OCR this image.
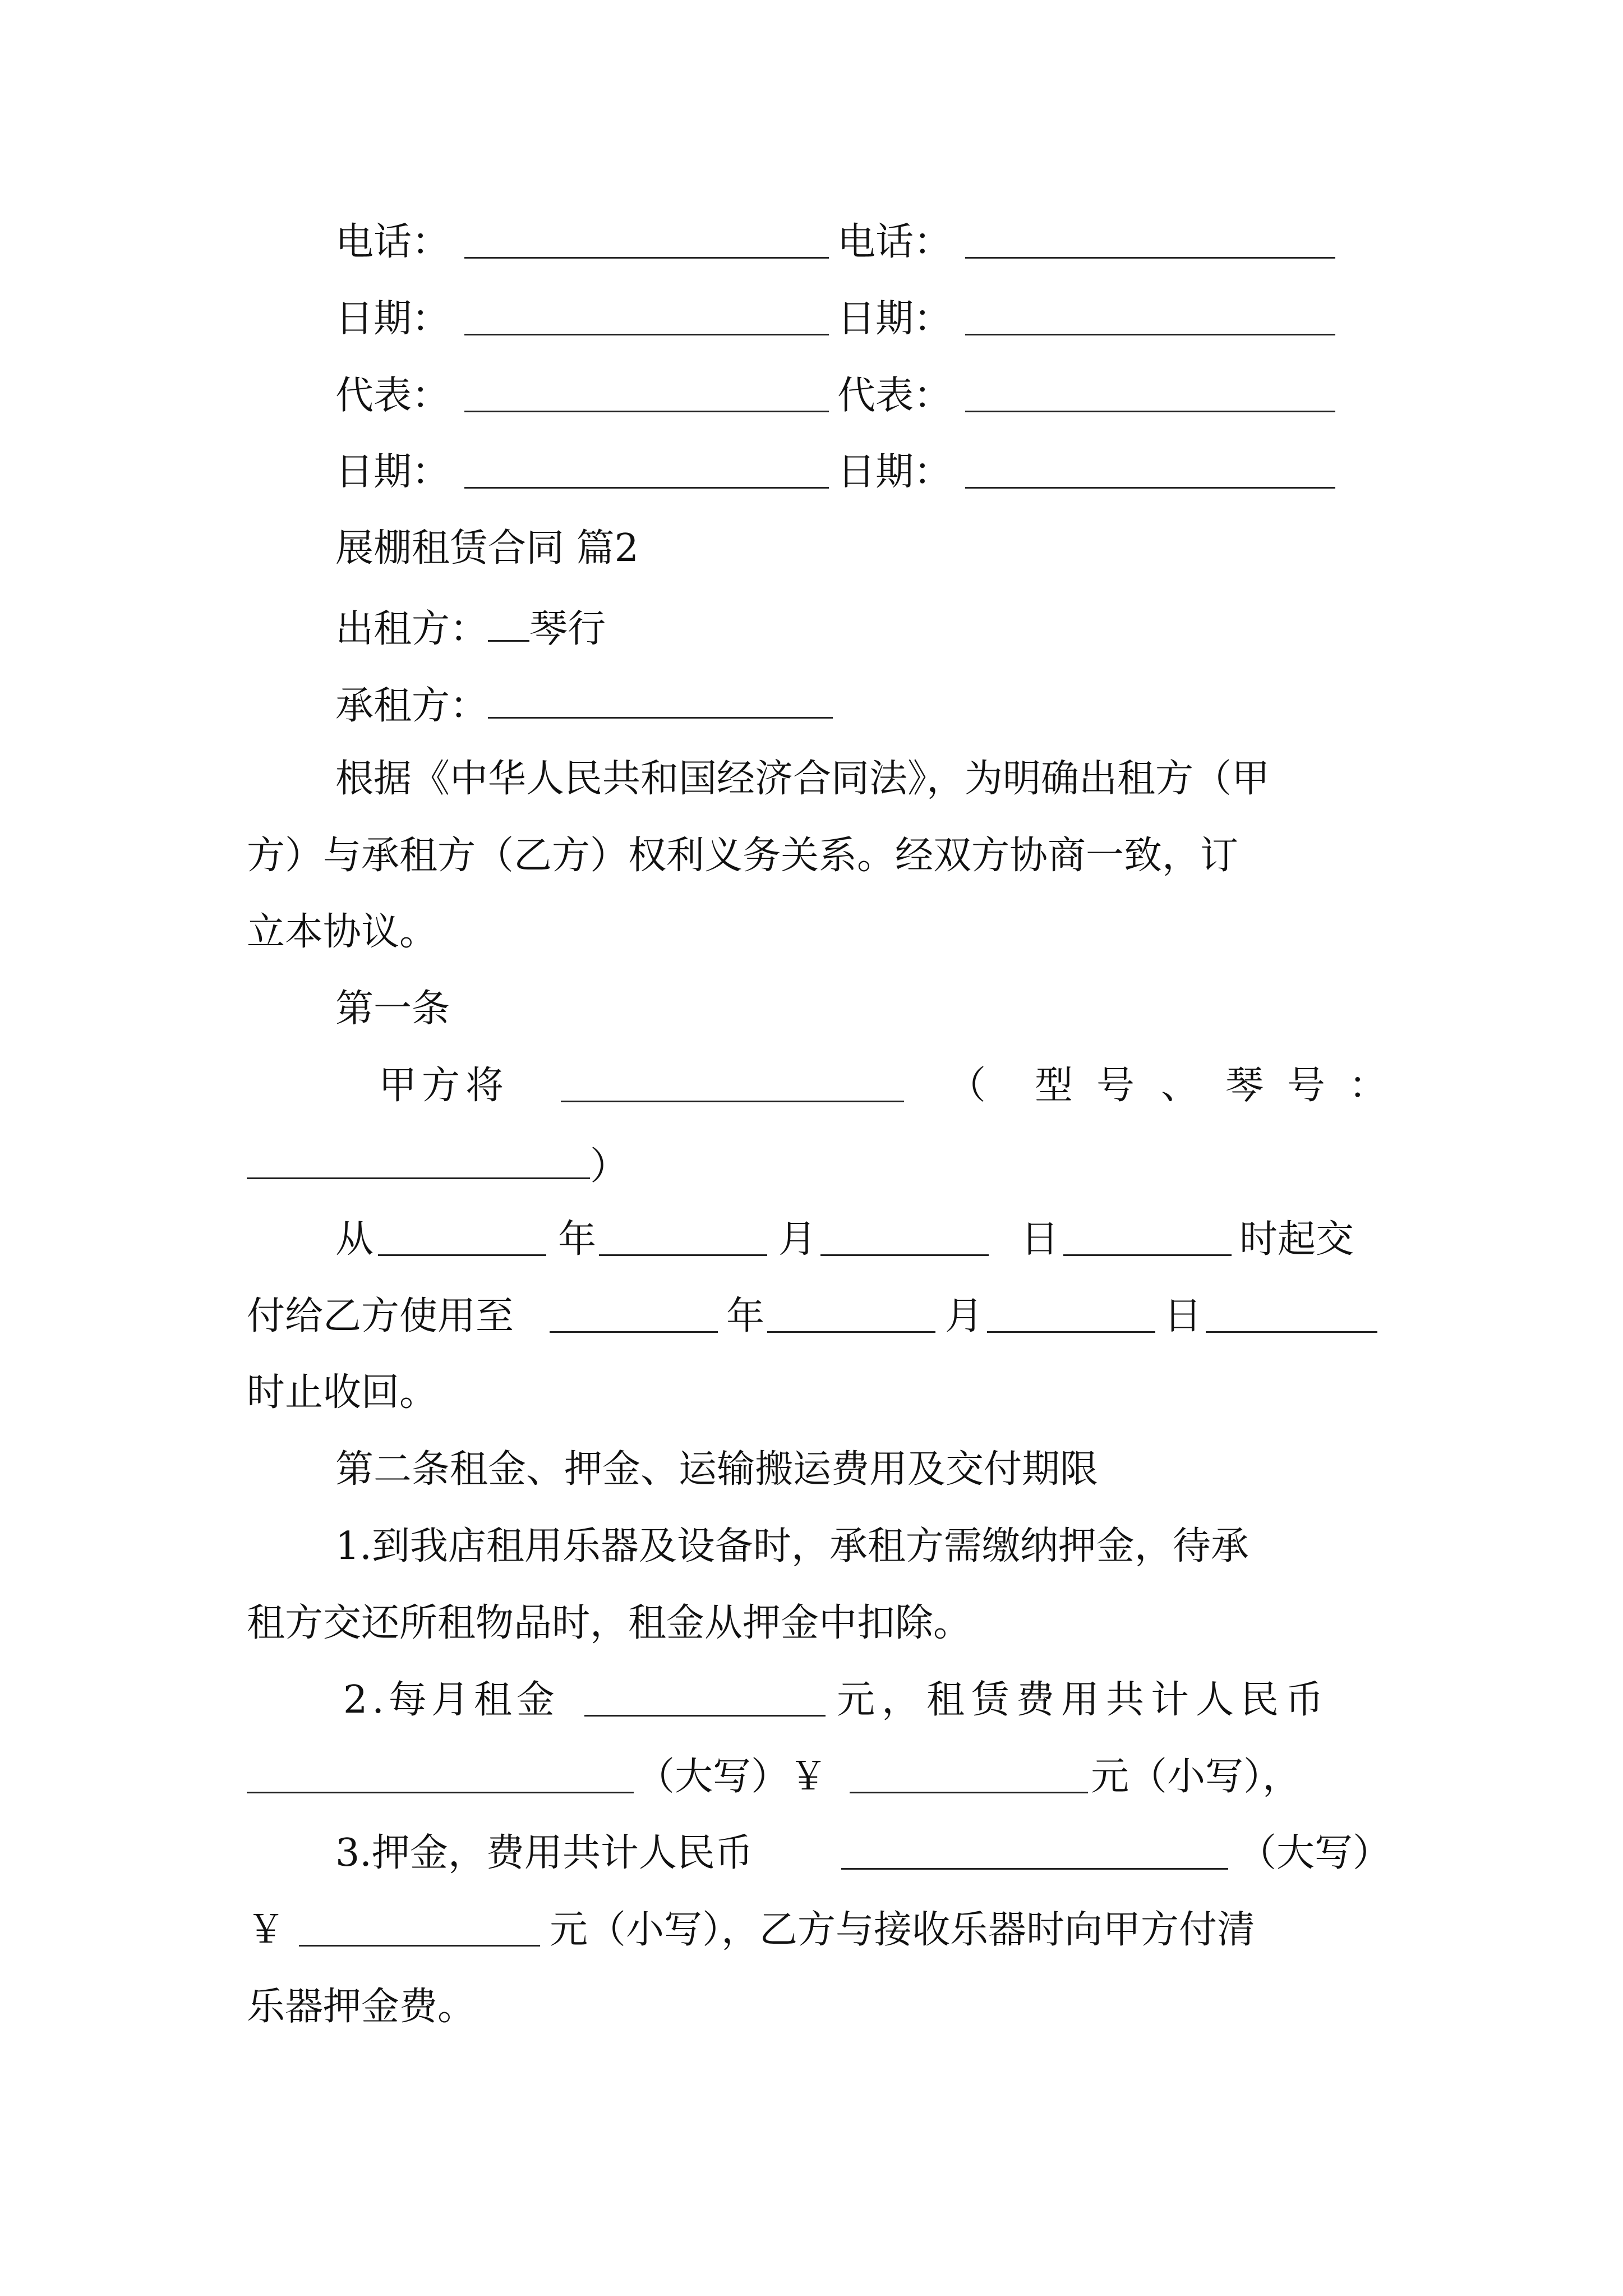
电话：	电话：
日期：	日期：
代表：	代表：
日期：	日期：
展棚租赁合同 篇2
出租方： 琴行
承租方：
根据《中华人民共和国经济合同法》，为明确出租方（甲
方）与承租方（乙方）权利义务关系。经双方协商一致，订
立本协议。
第一条
甲 方 将	（ 型 号 、 琴 号 ：
）
从	年	月	日	时起交
付给乙方使用至	年	月	日
时止收回。
第二条租金、押金、运输搬运费用及交付期限
1.到我店租用乐器及设备时，承租方需缴纳押金，待承
租方交还所租物品时，租金从押金中扣除。
2.每月租金	元，租赁费用共计人民币
（大写）￥	元（小写），
3.押金，费用共计人民币	（大写）
￥	元（小写），乙方与接收乐器时向甲方付清
乐器押金费。
